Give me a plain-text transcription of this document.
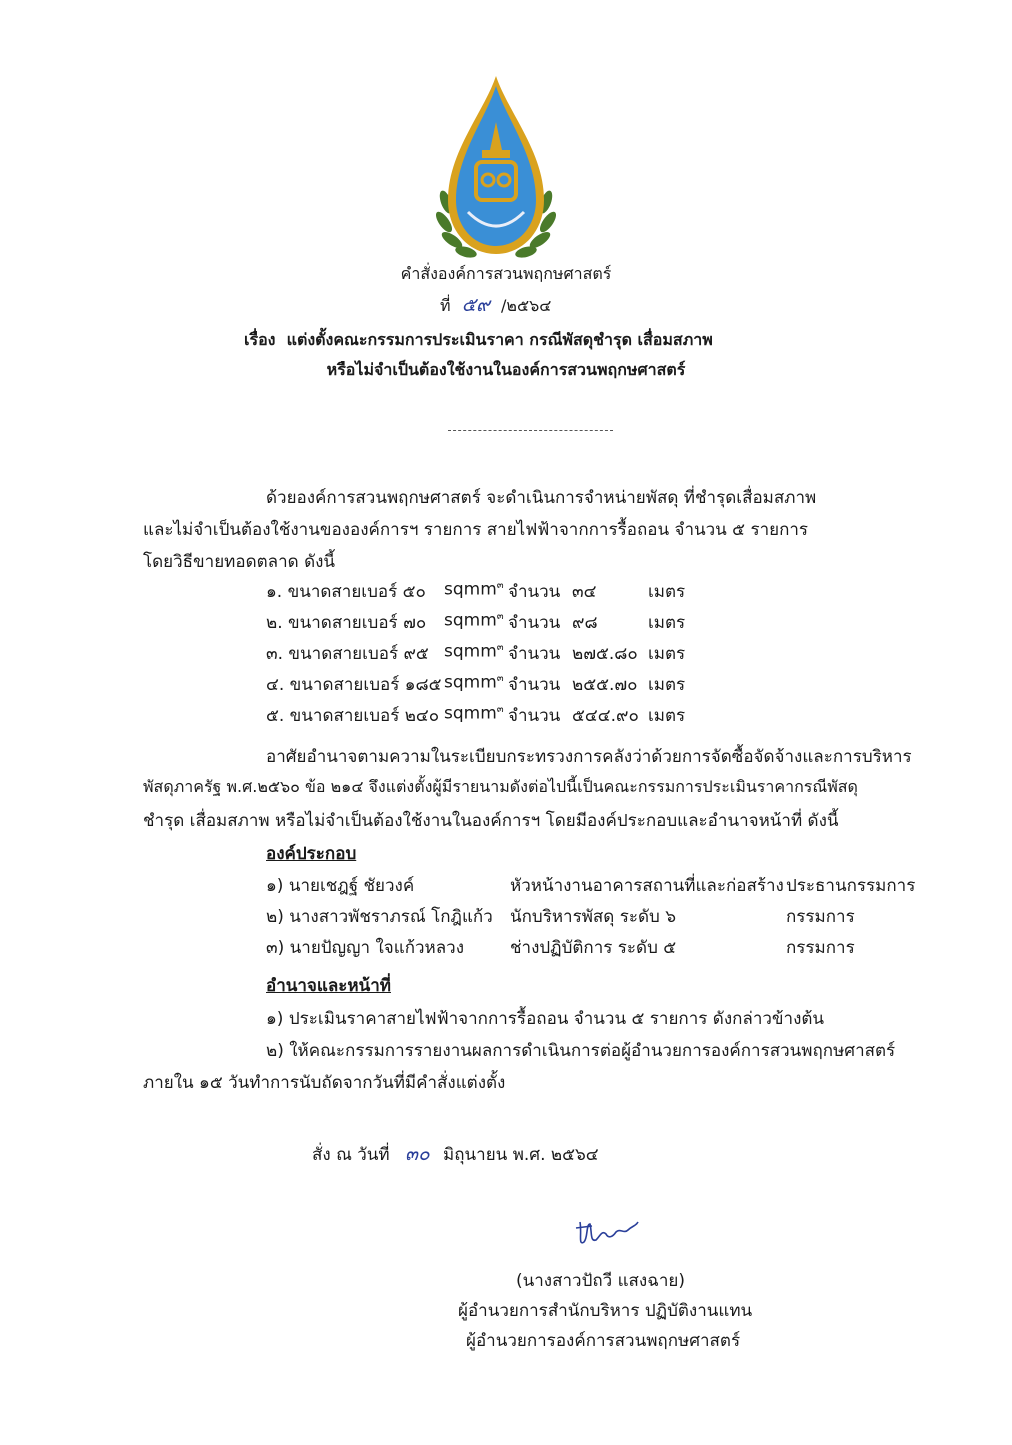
คำสั่งองค์การสวนพฤกษศาสตร์
ที่ ๕๙ /๒๕๖๔
เรื่อง แต่งตั้งคณะกรรมการประเมินราคา กรณีพัสดุชำรุด เสื่อมสภาพ
หรือไม่จำเป็นต้องใช้งานในองค์การสวนพฤกษศาสตร์
ด้วยองค์การสวนพฤกษศาสตร์ จะดำเนินการจำหน่ายพัสดุ ที่ชำรุดเสื่อมสภาพ
และไม่จำเป็นต้องใช้งานขององค์การฯ รายการ สายไฟฟ้าจากการรื้อถอน จำนวน ๕ รายการ
โดยวิธีขายทอดตลาด ดังนี้
๑. ขนาดสายเบอร์ ๕๐ sqmm$^๓$ จำนวน ๓๔	เมตร
๒. ขนาดสายเบอร์ ๗๐ sqmm$^๓$ จำนวน ๙๘	เมตร
๓. ขนาดสายเบอร์ ๙๕ sqmm$^๓$ จำนวน ๒๗๕.๘๐ เมตร
๔. ขนาดสายเบอร์ ๑๘๕ sqmm$^๓$ จำนวน ๒๕๕.๗๐ เมตร
๕. ขนาดสายเบอร์ ๒๔๐ sqmm$^๓$ จำนวน ๕๔๔.๙๐ เมตร
อาศัยอำนาจตามความในระเบียบกระทรวงการคลังว่าด้วยการจัดซื้อจัดจ้างและการบริหาร
พัสดุภาครัฐ พ.ศ.๒๕๖๐ ข้อ ๒๑๔ จึงแต่งตั้งผู้มีรายนามดังต่อไปนี้เป็นคณะกรรมการประเมินราคากรณีพัสดุ
ชำรุด เสื่อมสภาพ หรือไม่จำเป็นต้องใช้งานในองค์การฯ โดยมีองค์ประกอบและอำนาจหน้าที่ ดังนี้
องค์ประกอบ
๑) นายเชฎฐ์ ชัยวงค์	หัวหน้างานอาคารสถานที่และก่อสร้าง ประธานกรรมการ
๒) นางสาวพัชราภรณ์ โกฎิแก้ว นักบริหารพัสดุ ระดับ ๖	กรรมการ
๓) นายปัญญา ใจแก้วหลวง	ช่างปฏิบัติการ ระดับ ๕	กรรมการ
อำนาจและหน้าที่
๑) ประเมินราคาสายไฟฟ้าจากการรื้อถอน จำนวน ๕ รายการ ดังกล่าวข้างต้น
๒) ให้คณะกรรมการรายงานผลการดำเนินการต่อผู้อำนวยการองค์การสวนพฤกษศาสตร์
ภายใน ๑๕ วันทำการนับถัดจากวันที่มีคำสั่งแต่งตั้ง
สั่ง ณ วันที่ ๓๐ มิถุนายน พ.ศ. ๒๕๖๔
(นางสาวปัถวี แสงฉาย)
ผู้อำนวยการสำนักบริหาร ปฏิบัติงานแทน
ผู้อำนวยการองค์การสวนพฤกษศาสตร์
